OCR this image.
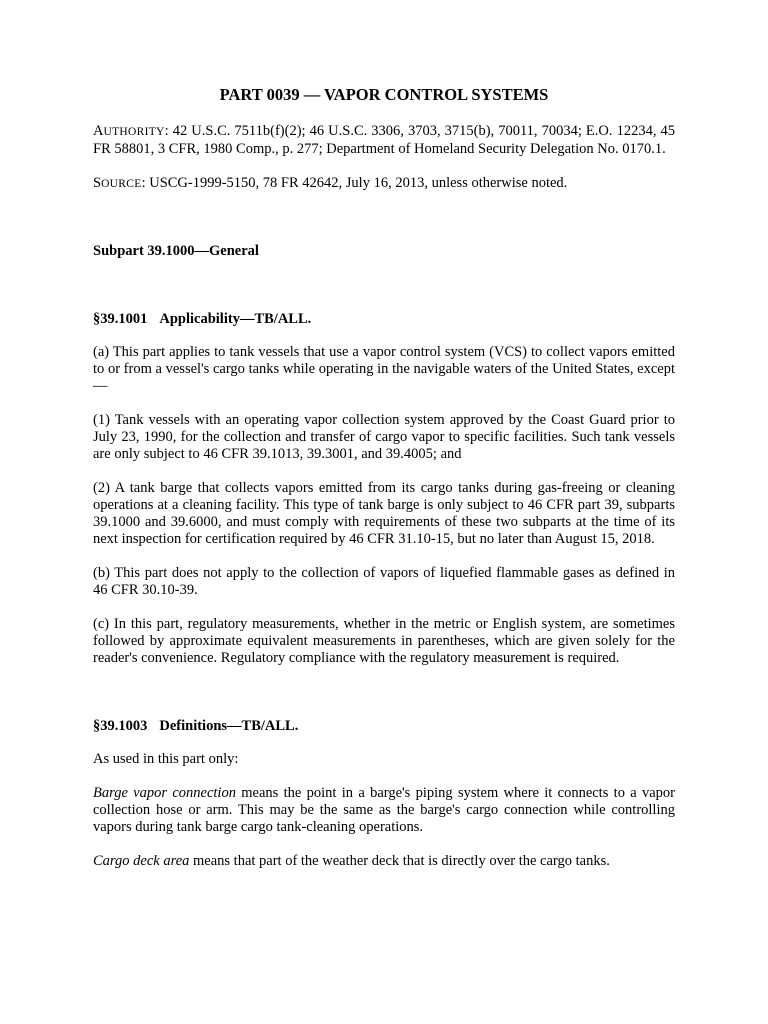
PART 0039 — VAPOR CONTROL SYSTEMS

AUTHORITY: 42 U.S.C. 7511b(f)(2); 46 U.S.C. 3306, 3703, 3715(b), 70011, 70034; E.O. 12234, 45 FR 58801, 3 CFR, 1980 Comp., p. 277; Department of Homeland Security Delegation No. 0170.1.

SOURCE: USCG-1999-5150, 78 FR 42642, July 16, 2013, unless otherwise noted.

Subpart 39.1000—General

§39.1001 Applicability—TB/ALL.

(a) This part applies to tank vessels that use a vapor control system (VCS) to collect vapors emitted to or from a vessel's cargo tanks while operating in the navigable waters of the United States, except—

(1) Tank vessels with an operating vapor collection system approved by the Coast Guard prior to July 23, 1990, for the collection and transfer of cargo vapor to specific facilities. Such tank vessels are only subject to 46 CFR 39.1013, 39.3001, and 39.4005; and

(2) A tank barge that collects vapors emitted from its cargo tanks during gas-freeing or cleaning operations at a cleaning facility. This type of tank barge is only subject to 46 CFR part 39, subparts 39.1000 and 39.6000, and must comply with requirements of these two subparts at the time of its next inspection for certification required by 46 CFR 31.10-15, but no later than August 15, 2018.

(b) This part does not apply to the collection of vapors of liquefied flammable gases as defined in 46 CFR 30.10-39.

(c) In this part, regulatory measurements, whether in the metric or English system, are sometimes followed by approximate equivalent measurements in parentheses, which are given solely for the reader's convenience. Regulatory compliance with the regulatory measurement is required.

§39.1003 Definitions—TB/ALL.

As used in this part only:

Barge vapor connection means the point in a barge's piping system where it connects to a vapor collection hose or arm. This may be the same as the barge's cargo connection while controlling vapors during tank barge cargo tank-cleaning operations.

Cargo deck area means that part of the weather deck that is directly over the cargo tanks.
